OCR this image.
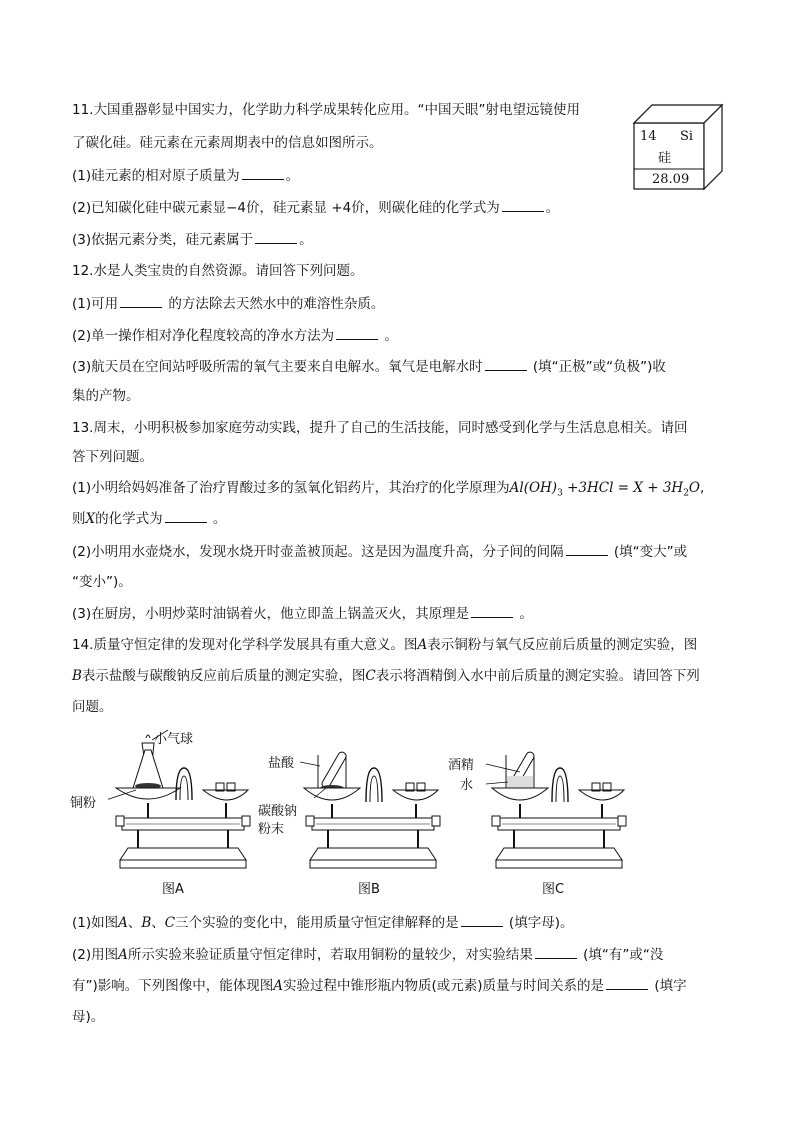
11.大国重器彰显中国实力，化学助力科学成果转化应用。“中国天眼”射电望远镜使用
了碳化硅。硅元素在元素周期表中的信息如图所示。
(1)硅元素的相对原子质量为	。
(2)已知碳化硅中碳元素显−4价，硅元素显 +4价，则碳化硅的化学式为	。
(3)依据元素分类，硅元素属于	。
14 Si
硅
28.09
12.水是人类宝贵的自然资源。请回答下列问题。
(1)可用	的方法除去天然水中的难溶性杂质。
(2)单一操作相对净化程度较高的净水方法为	。
(3)航天员在空间站呼吸所需的氧气主要来自电解水。氧气是电解水时	(填“正极”或“负极”)收
集的产物。
13.周末，小明积极参加家庭劳动实践，提升了自己的生活技能，同时感受到化学与生活息息相关。请回
答下列问题。
(1)小明给妈妈准备了治疗胃酸过多的氢氧化铝药片，其治疗的化学原理为$Al(OH)_3 +3HCl = X + 3H_2O$,
则X的化学式为	。
(2)小明用水壶烧水，发现水烧开时壶盖被顶起。这是因为温度升高，分子间的间隔	(填“变大”或
“变小”)。
(3)在厨房，小明炒菜时油锅着火，他立即盖上锅盖灭火，其原理是	。
14.质量守恒定律的发现对化学科学发展具有重大意义。图A表示铜粉与氧气反应前后质量的测定实验，图
B表示盐酸与碳酸钠反应前后质量的测定实验，图C表示将酒精倒入水中前后质量的测定实验。请回答下列
问题。
小气球
铜粉
图A
盐酸
碳酸钠
粉末
图B
酒精
水
图C
(1)如图A、B、C三个实验的变化中，能用质量守恒定律解释的是	(填字母)。
(2)用图A所示实验来验证质量守恒定律时，若取用铜粉的量较少，对实验结果	(填“有”或“没
有”)影响。下列图像中，能体现图A实验过程中锥形瓶内物质(或元素)质量与时间关系的是	(填字
母)。
